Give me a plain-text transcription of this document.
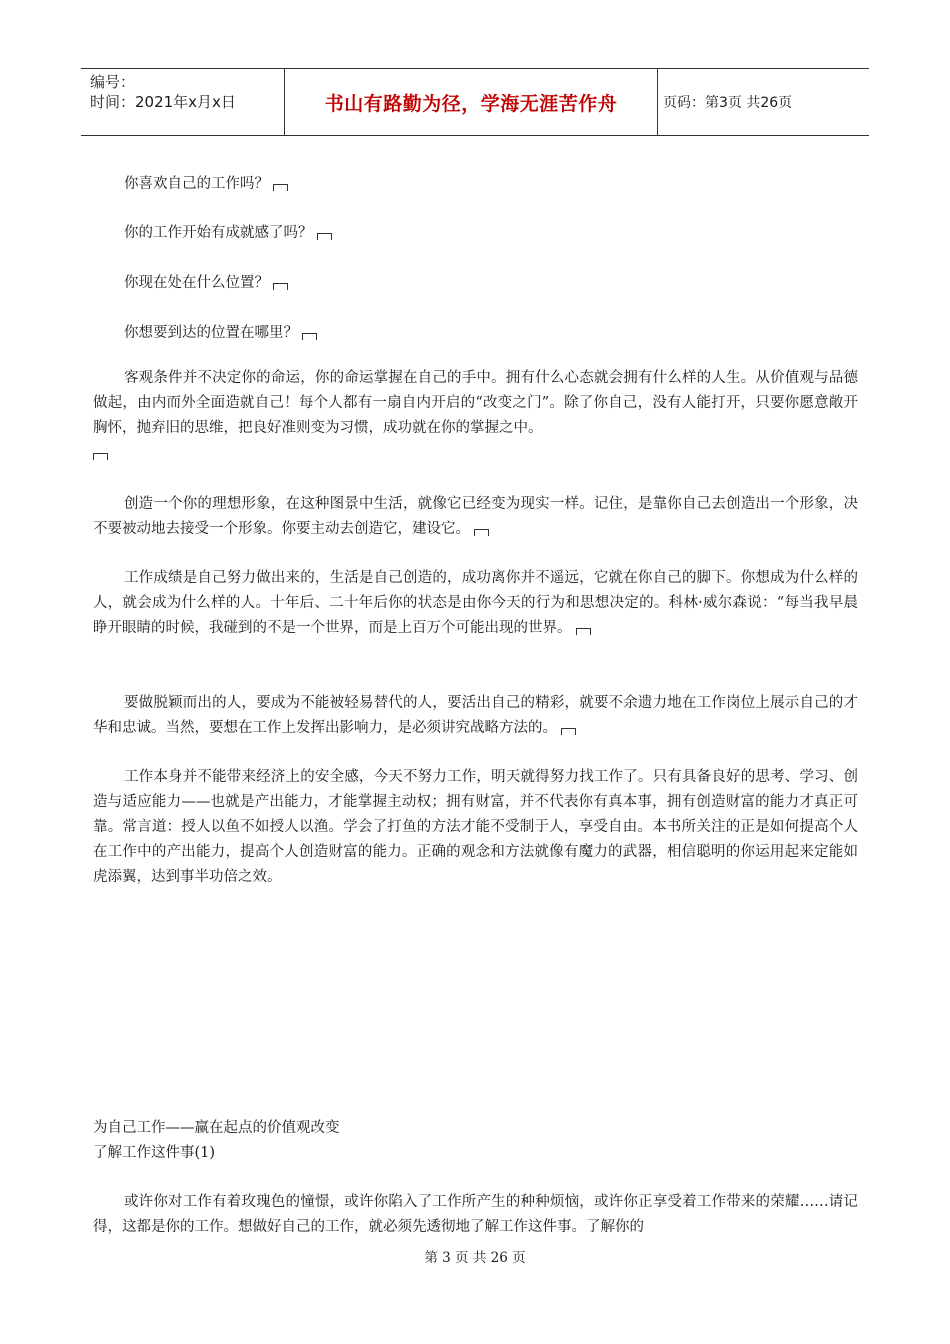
编号：
时间：2021年x月x日	书山有路勤为径，学海无涯苦作舟	页码：第3页 共26页
你喜欢自己的工作吗？
你的工作开始有成就感了吗？
你现在处在什么位置？
你想要到达的位置在哪里？
客观条件并不决定你的命运，你的命运掌握在自己的手中。拥有什么心态就会拥有什么样的人生。从价值观与品德做起，由内而外全面造就自己！每个人都有一扇自内开启的“改变之门”。除了你自己，没有人能打开，只要你愿意敞开胸怀，抛弃旧的思维，把良好准则变为习惯，成功就在你的掌握之中。
创造一个你的理想形象，在这种图景中生活，就像它已经变为现实一样。记住，是靠你自己去创造出一个形象，决不要被动地去接受一个形象。你要主动去创造它，建设它。
工作成绩是自己努力做出来的，生活是自己创造的，成功离你并不遥远，它就在你自己的脚下。你想成为什么样的人，就会成为什么样的人。十年后、二十年后你的状态是由你今天的行为和思想决定的。科林·威尔森说：“每当我早晨睁开眼睛的时候，我碰到的不是一个世界，而是上百万个可能出现的世界。
要做脱颖而出的人，要成为不能被轻易替代的人，要活出自己的精彩，就要不余遗力地在工作岗位上展示自己的才华和忠诚。当然，要想在工作上发挥出影响力，是必须讲究战略方法的。
工作本身并不能带来经济上的安全感，今天不努力工作，明天就得努力找工作了。只有具备良好的思考、学习、创造与适应能力——也就是产出能力，才能掌握主动权；拥有财富，并不代表你有真本事，拥有创造财富的能力才真正可靠。常言道：授人以鱼不如授人以渔。学会了打鱼的方法才能不受制于人，享受自由。本书所关注的正是如何提高个人在工作中的产出能力，提高个人创造财富的能力。正确的观念和方法就像有魔力的武器，相信聪明的你运用起来定能如虎添翼，达到事半功倍之效。
为自己工作——赢在起点的价值观改变
了解工作这件事(1)
或许你对工作有着玫瑰色的憧憬，或许你陷入了工作所产生的种种烦恼，或许你正享受着工作带来的荣耀……请记得，这都是你的工作。想做好自己的工作，就必须先透彻地了解工作这件事。了解你的
第 3 页 共 26 页
